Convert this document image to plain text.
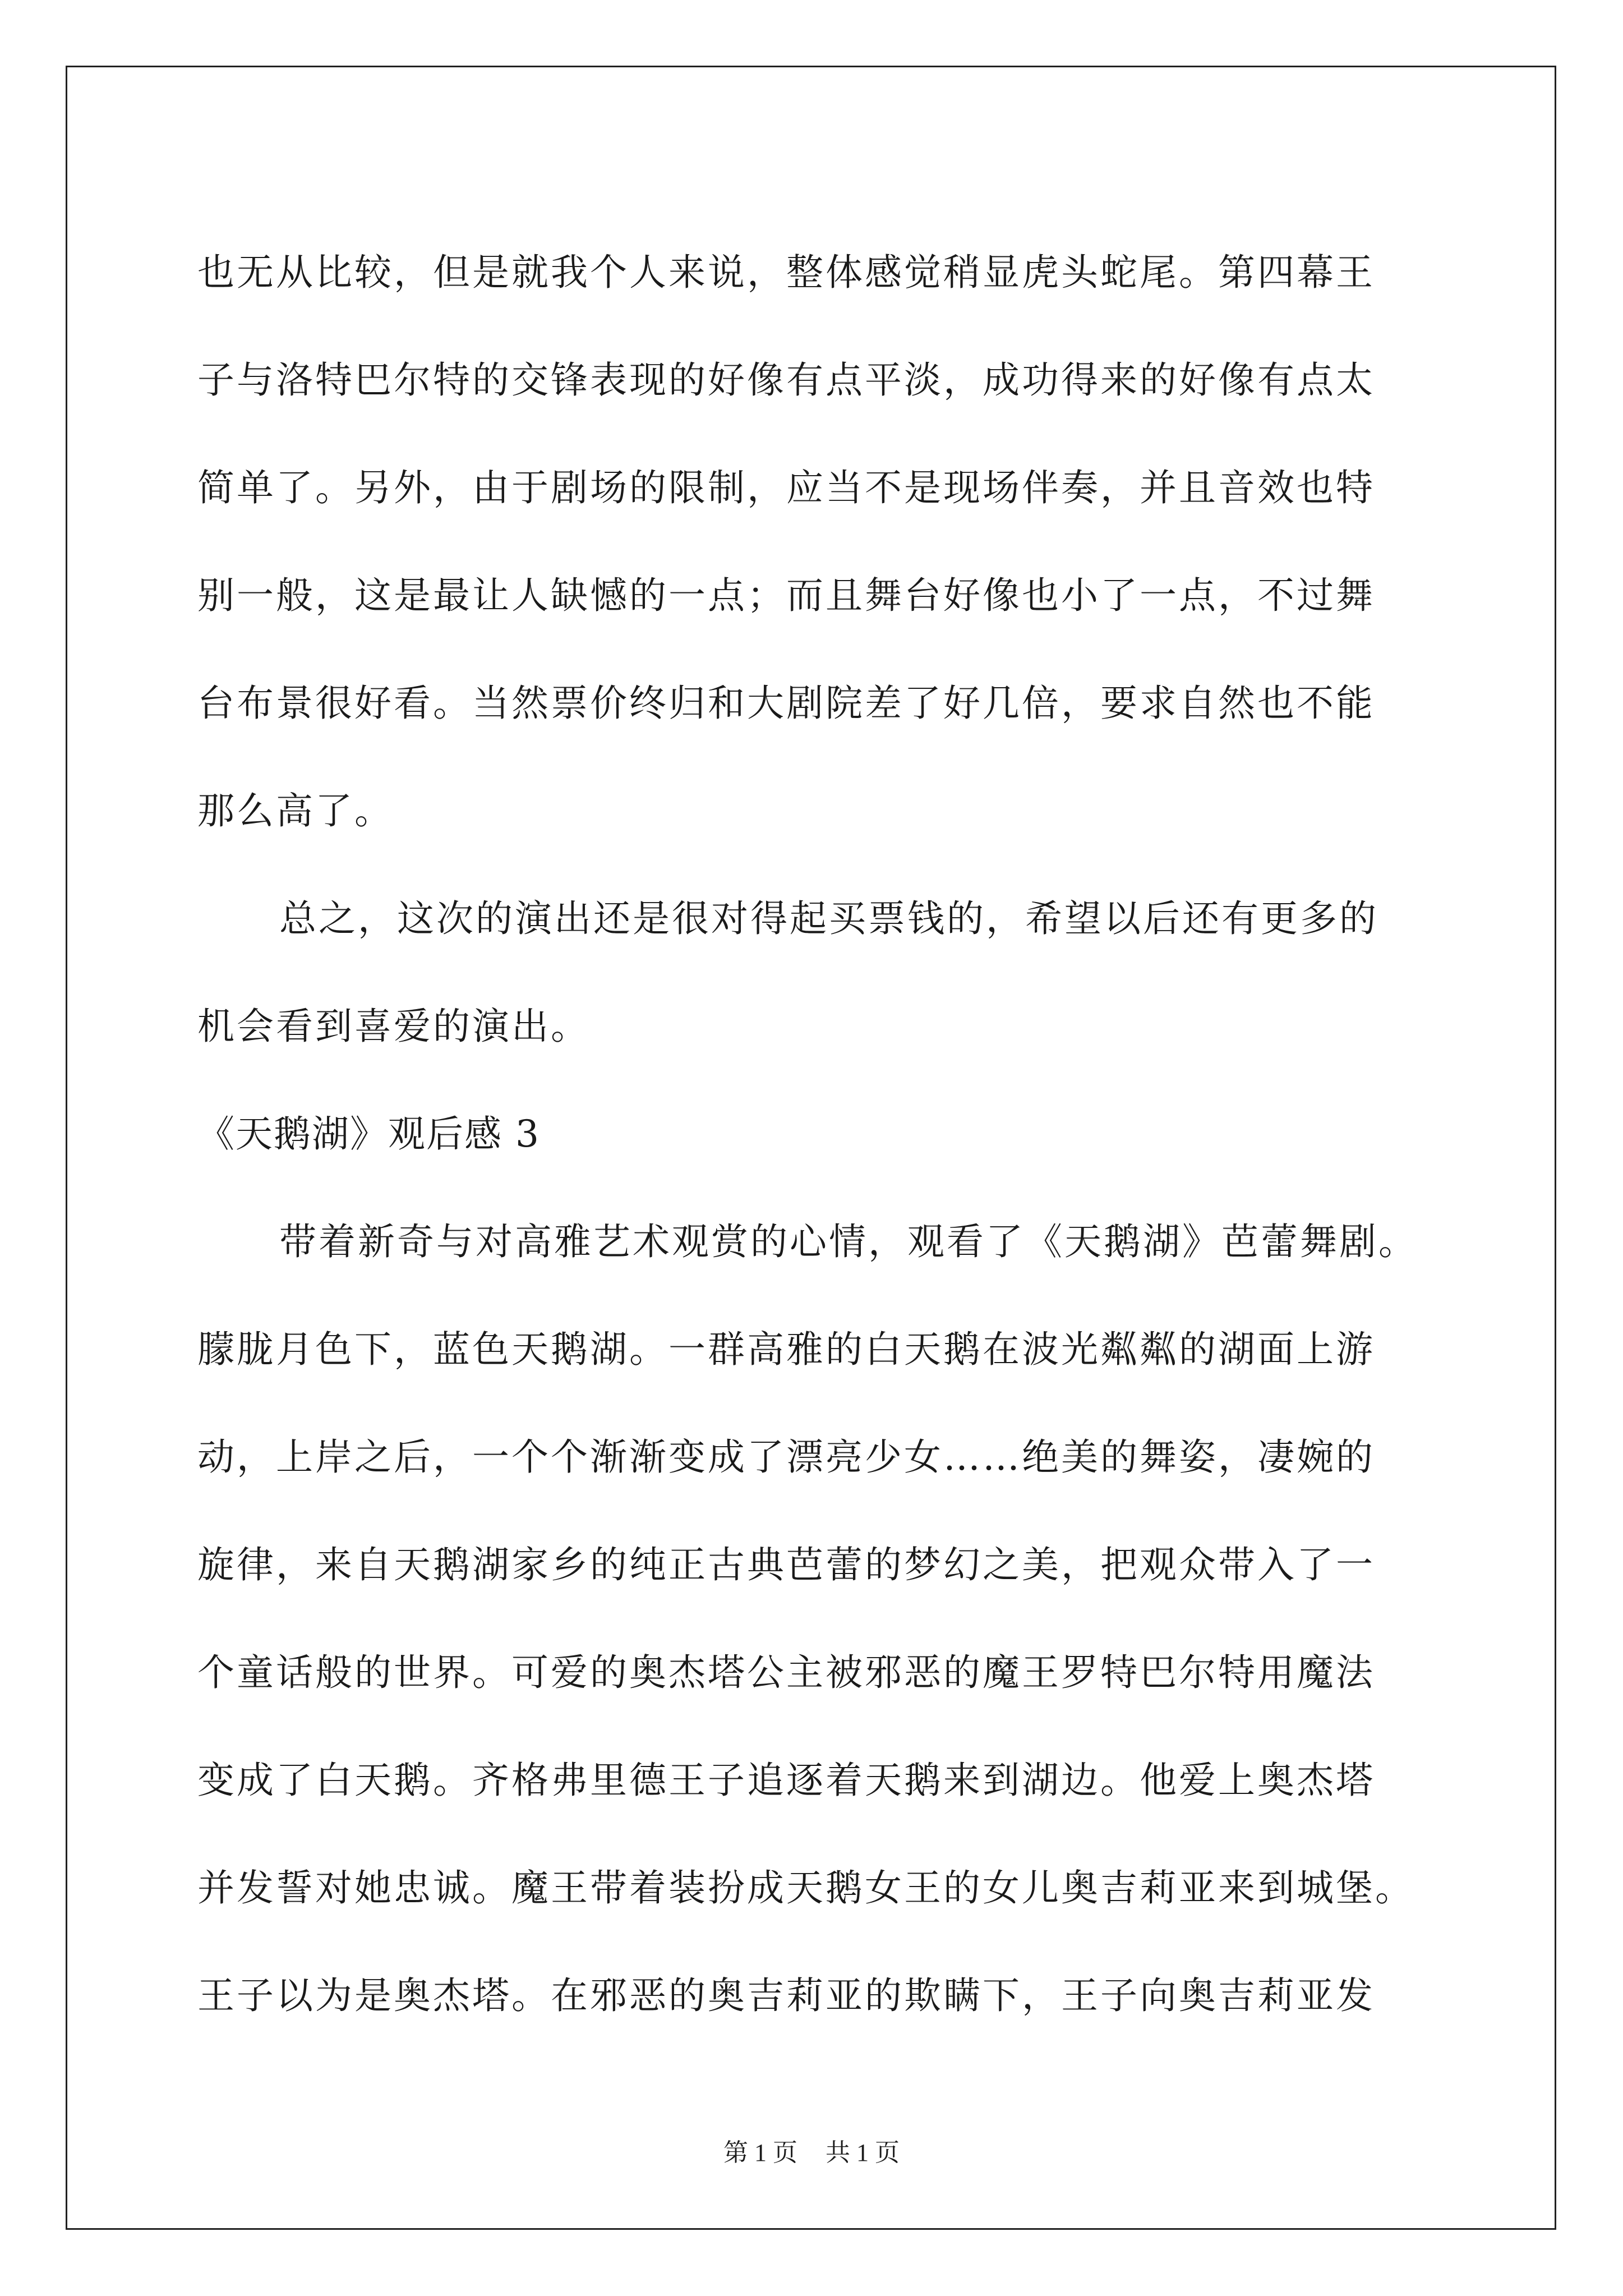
也无从比较，但是就我个人来说，整体感觉稍显虎头蛇尾。第四幕王
子与洛特巴尔特的交锋表现的好像有点平淡，成功得来的好像有点太
简单了。另外，由于剧场的限制，应当不是现场伴奏，并且音效也特
别一般，这是最让人缺憾的一点；而且舞台好像也小了一点，不过舞
台布景很好看。当然票价终归和大剧院差了好几倍，要求自然也不能
那么高了。
总之，这次的演出还是很对得起买票钱的，希望以后还有更多的
机会看到喜爱的演出。
《天鹅湖》观后感 3
带着新奇与对高雅艺术观赏的心情，观看了《天鹅湖》芭蕾舞剧。
朦胧月色下，蓝色天鹅湖。一群高雅的白天鹅在波光粼粼的湖面上游
动，上岸之后，一个个渐渐变成了漂亮少女……绝美的舞姿，凄婉的
旋律，来自天鹅湖家乡的纯正古典芭蕾的梦幻之美，把观众带入了一
个童话般的世界。可爱的奥杰塔公主被邪恶的魔王罗特巴尔特用魔法
变成了白天鹅。齐格弗里德王子追逐着天鹅来到湖边。他爱上奥杰塔
并发誓对她忠诚。魔王带着装扮成天鹅女王的女儿奥吉莉亚来到城堡。
王子以为是奥杰塔。在邪恶的奥吉莉亚的欺瞒下，王子向奥吉莉亚发
第 1 页 共 1 页
